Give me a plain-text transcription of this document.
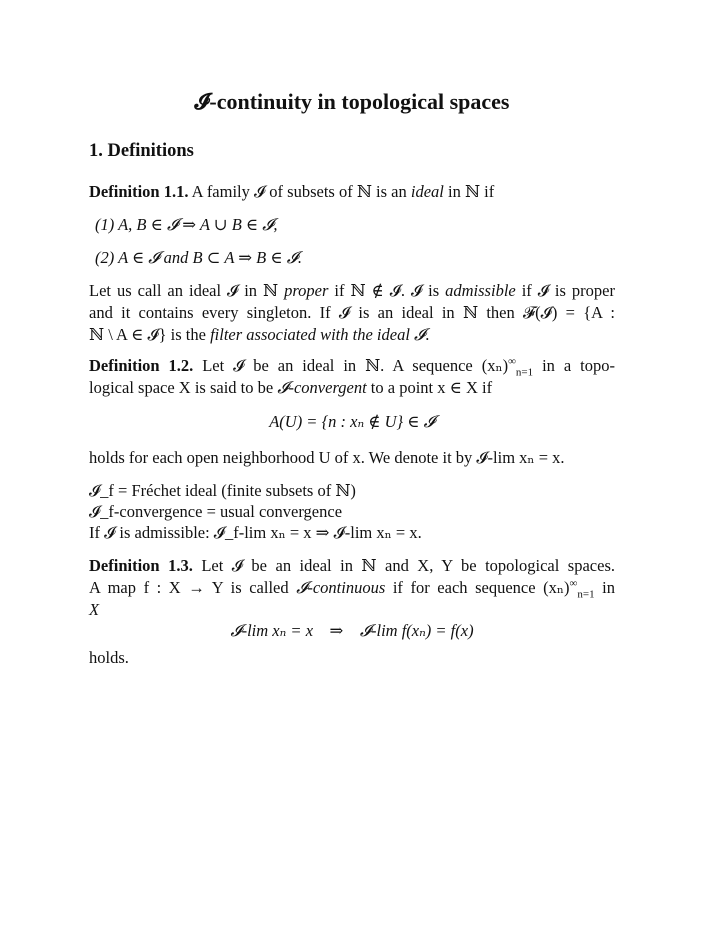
𝓘-continuity in topological spaces
1. Definitions
Definition 1.1. A family 𝓘 of subsets of ℕ is an ideal in ℕ if
(1) A, B ∈ 𝓘 ⇒ A ∪ B ∈ 𝓘,
(2) A ∈ 𝓘 and B ⊂ A ⇒ B ∈ 𝓘.
Let us call an ideal 𝓘 in ℕ proper if ℕ ∉ 𝓘. 𝓘 is admissible if 𝓘 is proper
and it contains every singleton. If 𝓘 is an ideal in ℕ then 𝓕(𝓘) = {A :
ℕ \ A ∈ 𝓘} is the filter associated with the ideal 𝓘.
Definition 1.2. Let 𝓘 be an ideal in ℕ. A sequence $(x_n)^\infty_{n=1}$ in a topo-
logical space X is said to be 𝓘-convergent to a point x ∈ X if
A(U) = {n : xₙ ∉ U} ∈ 𝓘
holds for each open neighborhood U of x. We denote it by 𝓘-lim xₙ = x.
𝓘_f = Fréchet ideal (finite subsets of ℕ)
𝓘_f-convergence = usual convergence
If 𝓘 is admissible: 𝓘_f-lim xₙ = x ⇒ 𝓘-lim xₙ = x.
Definition 1.3. Let 𝓘 be an ideal in ℕ and X, Y be topological spaces.
A map f : X → Y is called 𝓘-continuous if for each sequence $(x_n)^\infty_{n=1}$ in
X
𝓘-lim xₙ = x    ⇒    𝓘-lim f(xₙ) = f(x)
holds.
